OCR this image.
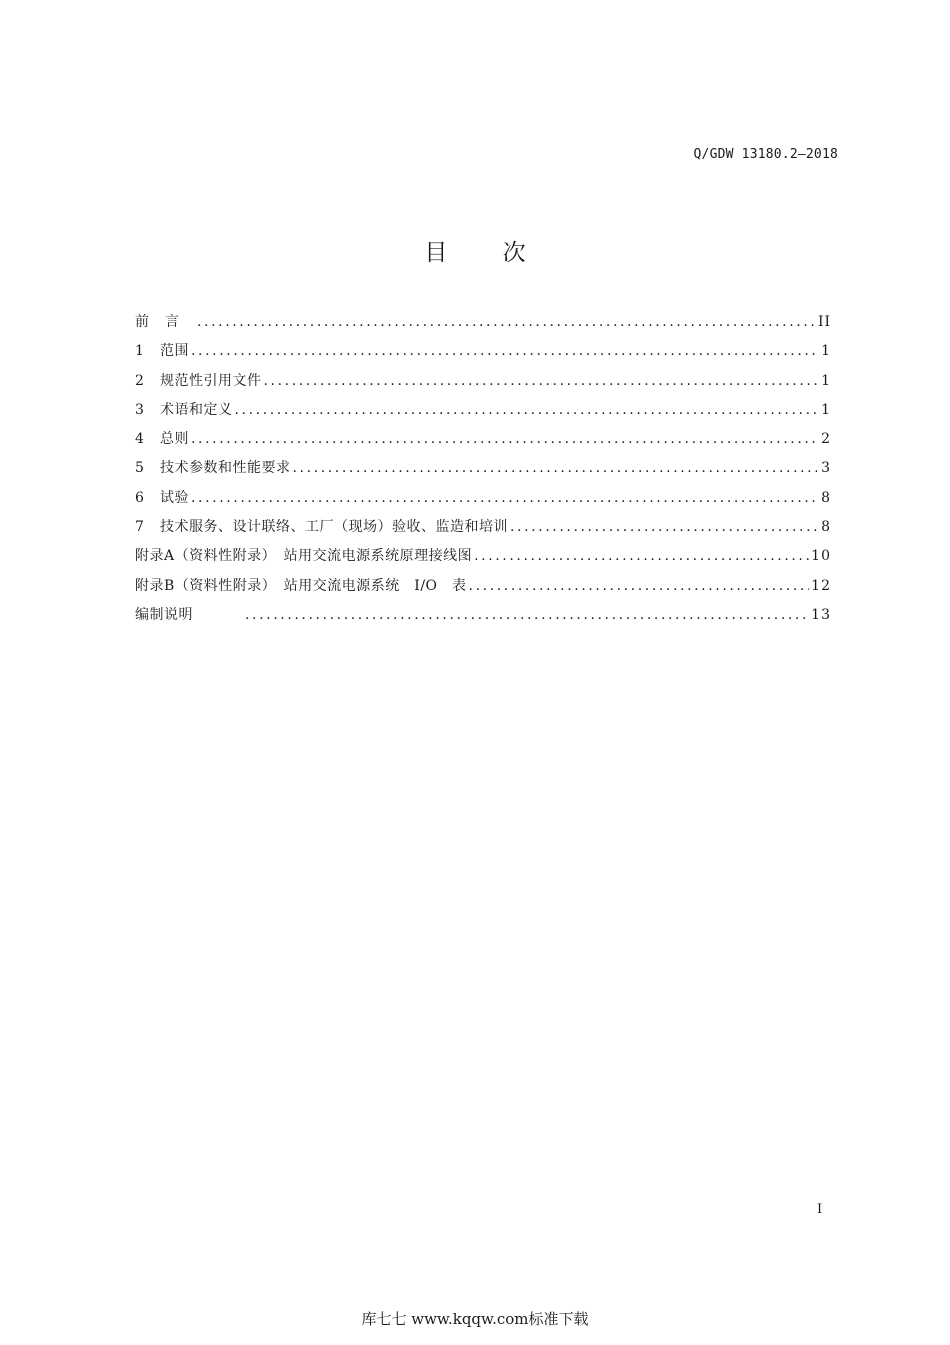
Q/GDW 13180.2—2018
目 次
前言 .....	II
1	范围 .....	1
2	规范性引用文件 .....	1
3	术语和定义 .....	1
4	总则 .....	2
5	技术参数和性能要求 .....	3
6	试验 .....	8
7	技术服务、设计联络、工厂（现场）验收、监造和培训 .....	8
附录A（资料性附录）　站用交流电源系统原理接线图 .....	10
附录B（资料性附录）　站用交流电源系统　I/O　表 .....	12
编制说明 .....	13
I
库七七 www.kqqw.com标准下载
